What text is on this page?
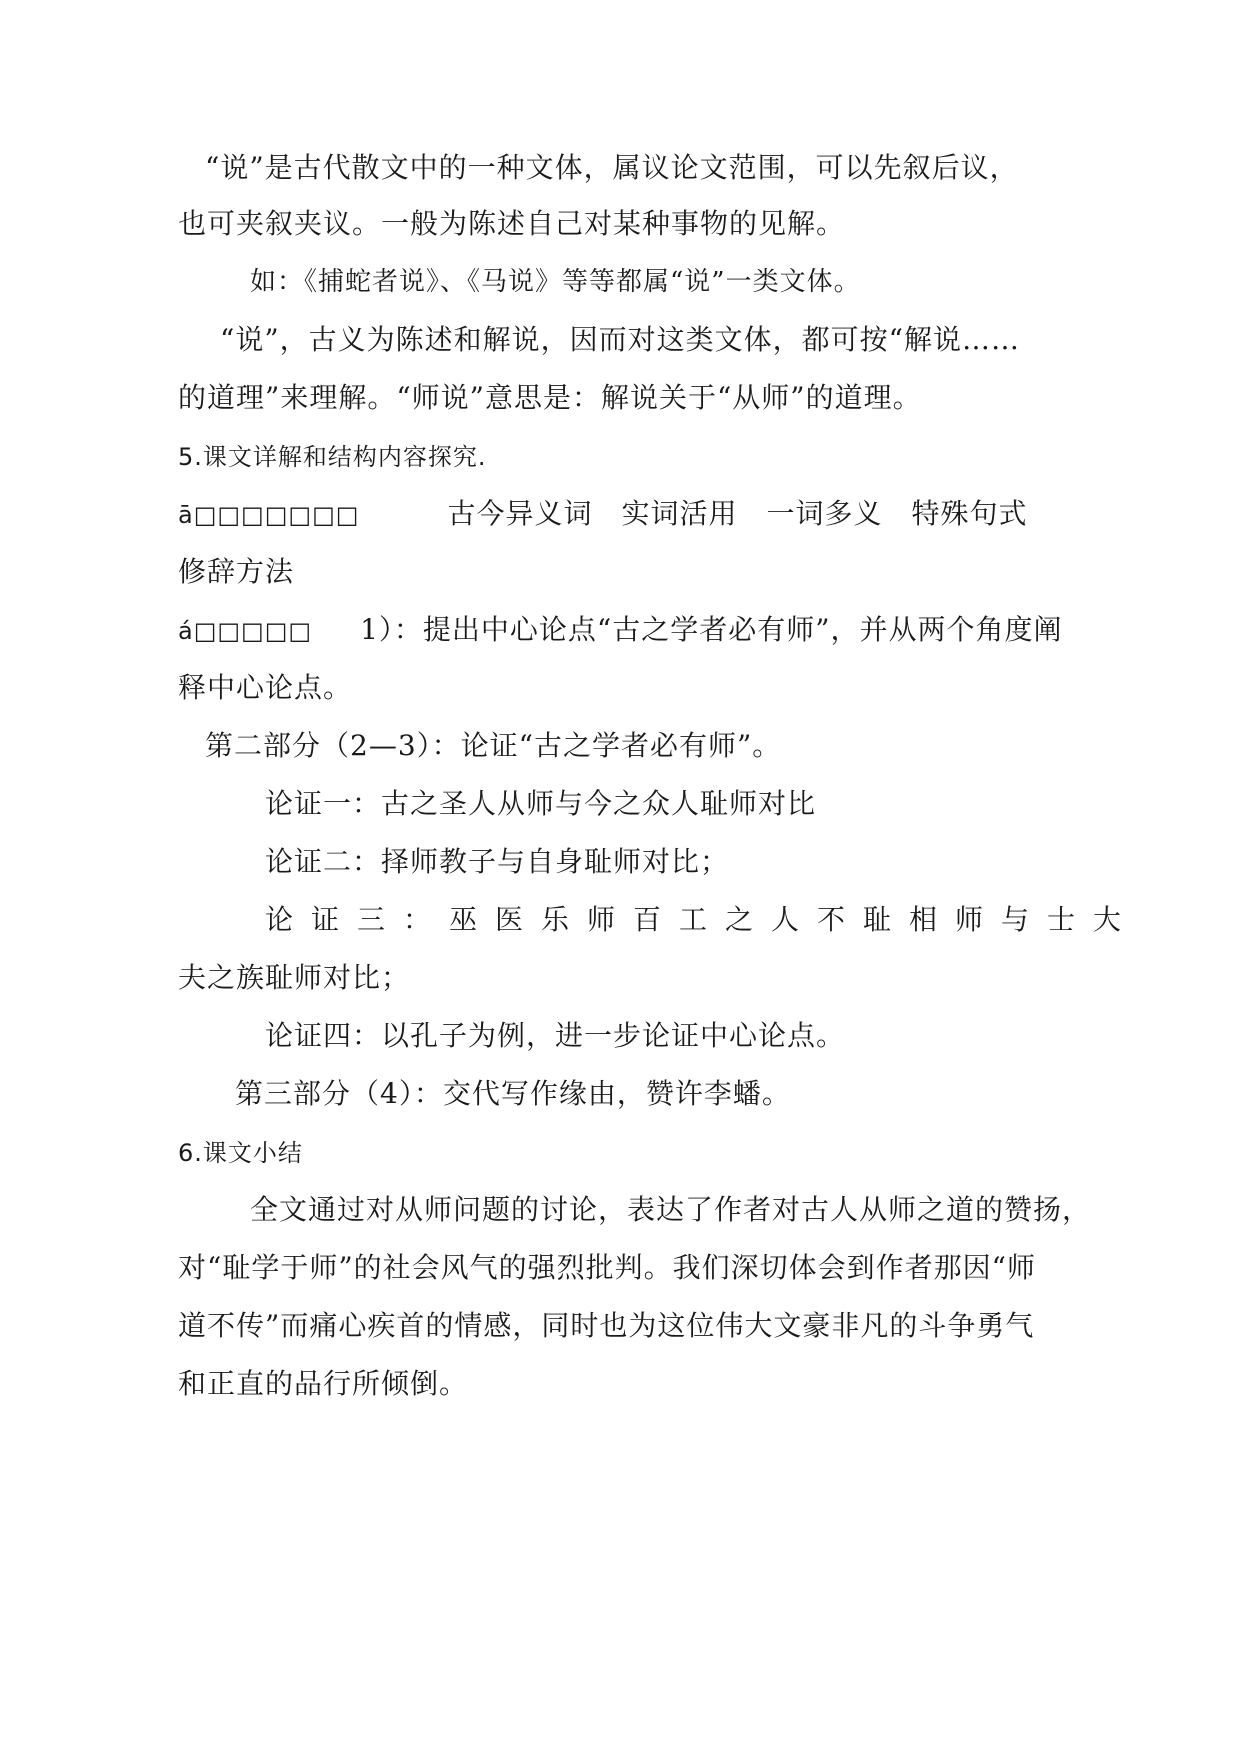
“说”是古代散文中的一种文体，属议论文范围，可以先叙后议，
也可夹叙夹议。一般为陈述自己对某种事物的见解。
如：《捕蛇者说》、《马说》等等都属“说”一类文体。
“说”，古义为陈述和解说，因而对这类文体，都可按“解说……
的道理”来理解。“师说”意思是：解说关于“从师”的道理。
5.课文详解和结构内容探究.
ā□□□□□□□	古今异义词　实词活用　一词多义　特殊句式
修辞方法
á□□□□□ 1）：提出中心论点“古之学者必有师”，并从两个角度阐
释中心论点。
第二部分（2—3）：论证“古之学者必有师”。
论证一：古之圣人从师与今之众人耻师对比
论证二：择师教子与自身耻师对比；
论证三：巫医乐师百工之人不耻相师与士大
夫之族耻师对比；
论证四：以孔子为例，进一步论证中心论点。
第三部分（4）：交代写作缘由，赞许李蟠。
6.课文小结
全文通过对从师问题的讨论，表达了作者对古人从师之道的赞扬，
对“耻学于师”的社会风气的强烈批判。我们深切体会到作者那因“师
道不传”而痛心疾首的情感，同时也为这位伟大文豪非凡的斗争勇气
和正直的品行所倾倒。
